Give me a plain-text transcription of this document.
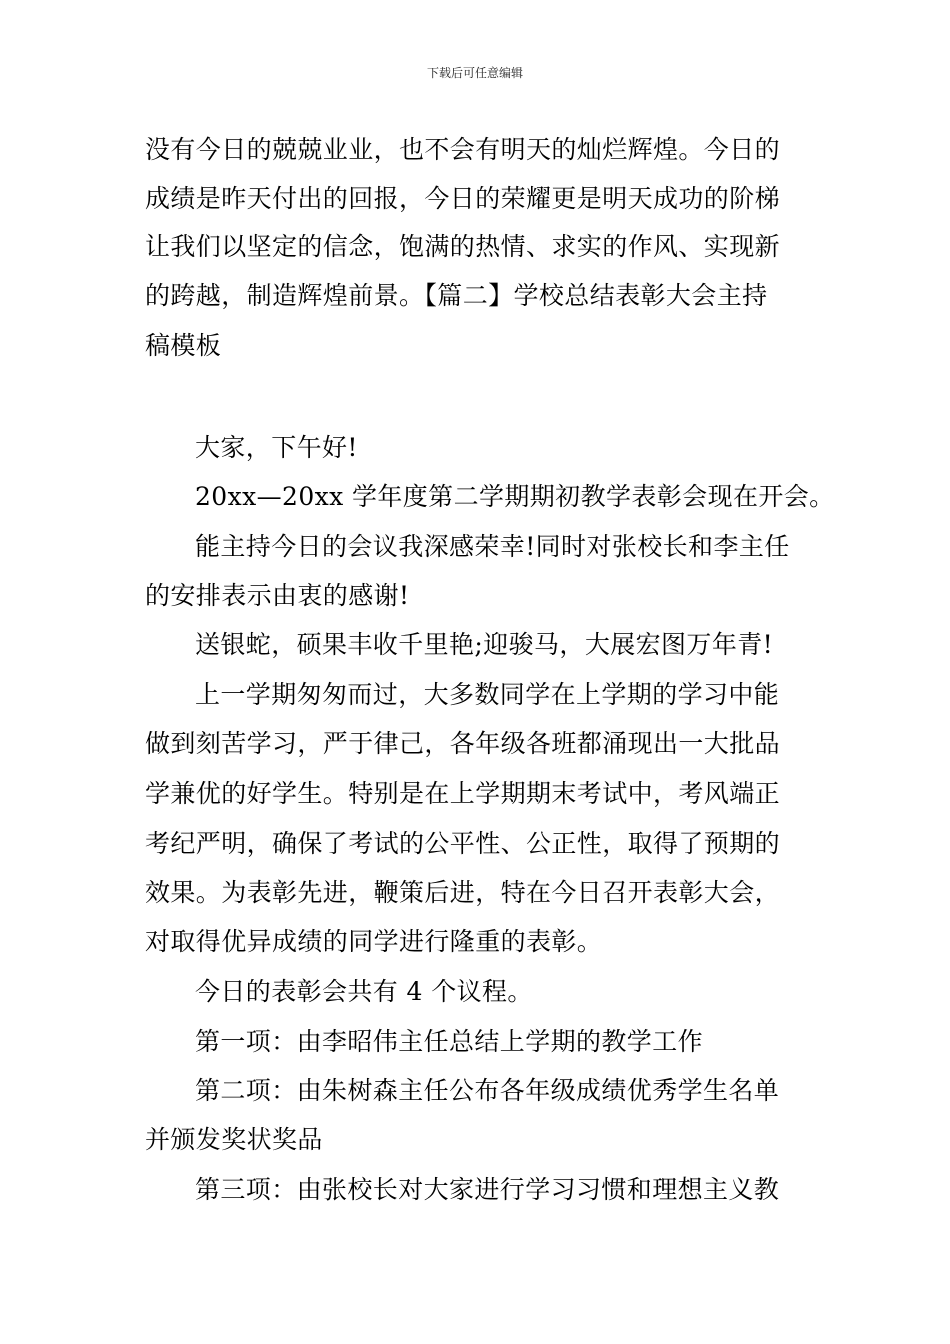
下载后可任意编辑
没有今日的兢兢业业，也不会有明天的灿烂辉煌。今日的
成绩是昨天付出的回报，今日的荣耀更是明天成功的阶梯
让我们以坚定的信念，饱满的热情、求实的作风、实现新
的跨越，制造辉煌前景。【篇二】学校总结表彰大会主持
稿模板
大家，下午好!
20xx—20xx 学年度第二学期期初教学表彰会现在开会。
能主持今日的会议我深感荣幸!同时对张校长和李主任
的安排表示由衷的感谢!
送银蛇，硕果丰收千里艳;迎骏马，大展宏图万年青!
上一学期匆匆而过，大多数同学在上学期的学习中能
做到刻苦学习，严于律己，各年级各班都涌现出一大批品
学兼优的好学生。特别是在上学期期末考试中，考风端正
考纪严明，确保了考试的公平性、公正性，取得了预期的
效果。为表彰先进，鞭策后进，特在今日召开表彰大会，
对取得优异成绩的同学进行隆重的表彰。
今日的表彰会共有 4 个议程。
第一项：由李昭伟主任总结上学期的教学工作
第二项：由朱树森主任公布各年级成绩优秀学生名单
并颁发奖状奖品
第三项：由张校长对大家进行学习习惯和理想主义教
